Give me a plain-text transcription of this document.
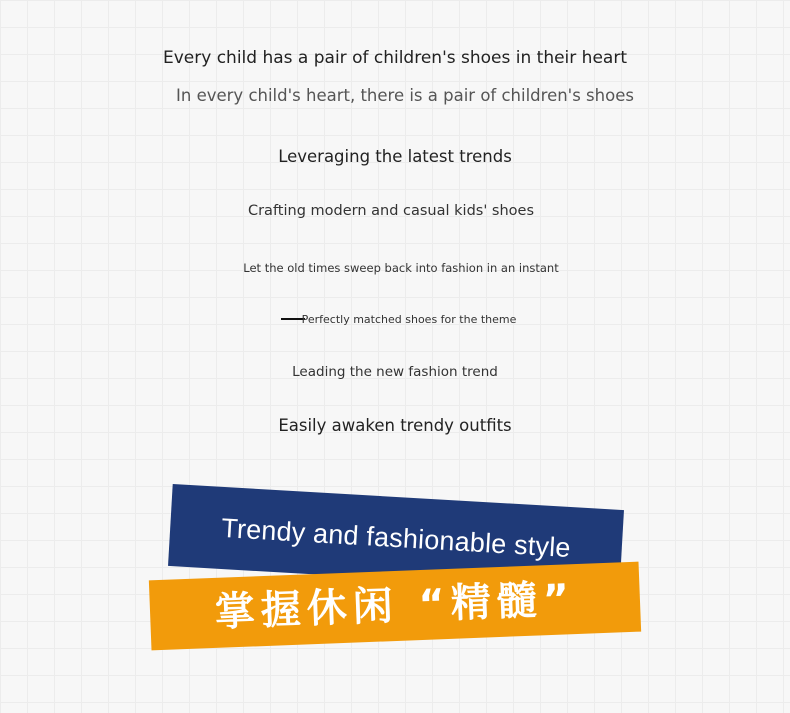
Every child has a pair of children's shoes in their heart
In every child's heart, there is a pair of children's shoes
Leveraging the latest trends
Crafting modern and casual kids' shoes
Let the old times sweep back into fashion in an instant
Perfectly matched shoes for the theme
Leading the new fashion trend
Easily awaken trendy outfits
Trendy and fashionable style
掌握休闲 “精髓”
